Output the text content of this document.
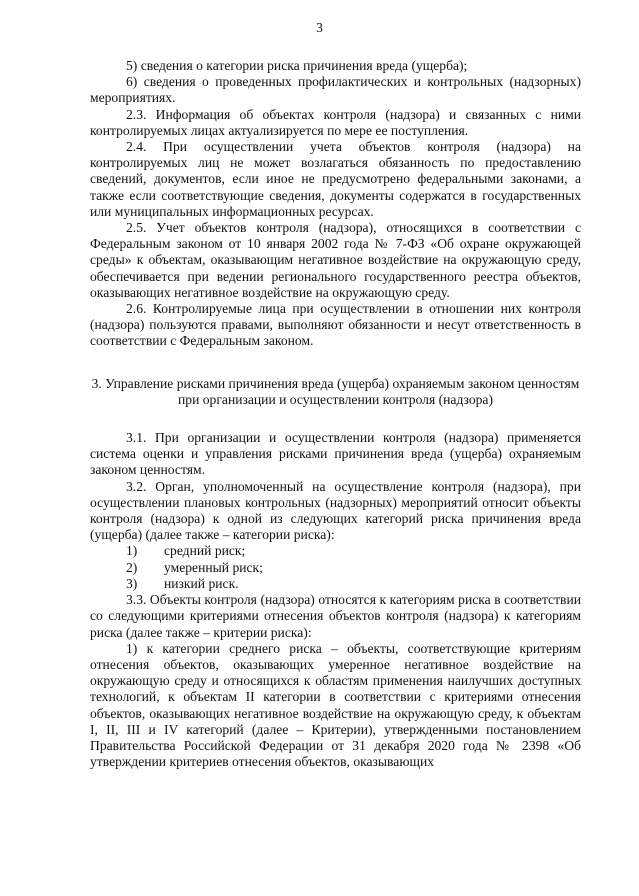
3

5) сведения о категории риска причинения вреда (ущерба);

6) сведения о проведенных профилактических и контрольных (надзорных) мероприятиях.

2.3. Информация об объектах контроля (надзора) и связанных с ними контролируемых лицах актуализируется по мере ее поступления.

2.4. При осуществлении учета объектов контроля (надзора) на контролируемых лиц не может возлагаться обязанность по предоставлению сведений, документов, если иное не предусмотрено федеральными законами, а также если соответствующие сведения, документы содержатся в государственных или муниципальных информационных ресурсах.

2.5. Учет объектов контроля (надзора), относящихся в соответствии с Федеральным законом от 10 января 2002 года № 7-ФЗ «Об охране окружающей среды» к объектам, оказывающим негативное воздействие на окружающую среду, обеспечивается при ведении регионального государственного реестра объектов, оказывающих негативное воздействие на окружающую среду.

2.6. Контролируемые лица при осуществлении в отношении них контроля (надзора) пользуются правами, выполняют обязанности и несут ответственность в соответствии с Федеральным законом.

3. Управление рисками причинения вреда (ущерба) охраняемым законом ценностям при организации и осуществлении контроля (надзора)

3.1. При организации и осуществлении контроля (надзора) применяется система оценки и управления рисками причинения вреда (ущерба) охраняемым законом ценностям.

3.2. Орган, уполномоченный на осуществление контроля (надзора), при осуществлении плановых контрольных (надзорных) мероприятий относит объекты контроля (надзора) к одной из следующих категорий риска причинения вреда (ущерба) (далее также – категории риска):

1)	средний риск;
2)	умеренный риск;
3)	низкий риск.

3.3. Объекты контроля (надзора) относятся к категориям риска в соответствии со следующими критериями отнесения объектов контроля (надзора) к категориям риска (далее также – критерии риска):

1) к категории среднего риска – объекты, соответствующие критериям отнесения объектов, оказывающих умеренное негативное воздействие на окружающую среду и относящихся к областям применения наилучших доступных технологий, к объектам II категории в соответствии с критериями отнесения объектов, оказывающих негативное воздействие на окружающую среду, к объектам I, II, III и IV категорий (далее – Критерии), утвержденными постановлением Правительства Российской Федерации от 31 декабря 2020 года № 2398 «Об утверждении критериев отнесения объектов, оказывающих
